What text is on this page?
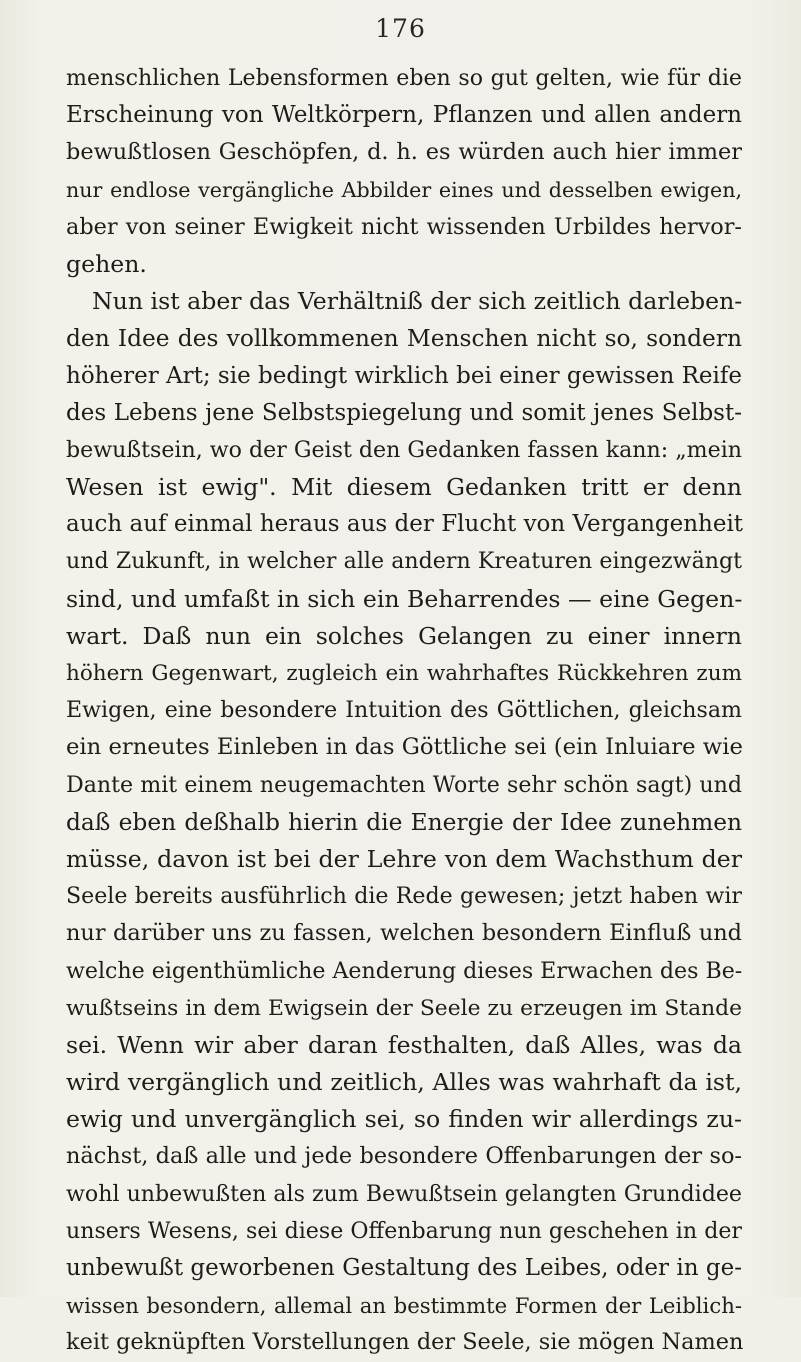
176
menschlichen Lebensformen eben so gut gelten, wie für die
Erscheinung von Weltkörpern, Pflanzen und allen andern
bewußtlosen Geschöpfen, d. h. es würden auch hier immer
nur endlose vergängliche Abbilder eines und desselben ewigen,
aber von seiner Ewigkeit nicht wissenden Urbildes hervor-
gehen.
Nun ist aber das Verhältniß der sich zeitlich darleben-
den Idee des vollkommenen Menschen nicht so, sondern
höherer Art; sie bedingt wirklich bei einer gewissen Reife
des Lebens jene Selbstspiegelung und somit jenes Selbst-
bewußtsein, wo der Geist den Gedanken fassen kann: „mein
Wesen ist ewig". Mit diesem Gedanken tritt er denn
auch auf einmal heraus aus der Flucht von Vergangenheit
und Zukunft, in welcher alle andern Kreaturen eingezwängt
sind, und umfaßt in sich ein Beharrendes — eine Gegen-
wart. Daß nun ein solches Gelangen zu einer innern
höhern Gegenwart, zugleich ein wahrhaftes Rückkehren zum
Ewigen, eine besondere Intuition des Göttlichen, gleichsam
ein erneutes Einleben in das Göttliche sei (ein Inluiare wie
Dante mit einem neugemachten Worte sehr schön sagt) und
daß eben deßhalb hierin die Energie der Idee zunehmen
müsse, davon ist bei der Lehre von dem Wachsthum der
Seele bereits ausführlich die Rede gewesen; jetzt haben wir
nur darüber uns zu fassen, welchen besondern Einfluß und
welche eigenthümliche Aenderung dieses Erwachen des Be-
wußtseins in dem Ewigsein der Seele zu erzeugen im Stande
sei. Wenn wir aber daran festhalten, daß Alles, was da
wird vergänglich und zeitlich, Alles was wahrhaft da ist,
ewig und unvergänglich sei, so finden wir allerdings zu-
nächst, daß alle und jede besondere Offenbarungen der so-
wohl unbewußten als zum Bewußtsein gelangten Grundidee
unsers Wesens, sei diese Offenbarung nun geschehen in der
unbewußt geworbenen Gestaltung des Leibes, oder in ge-
wissen besondern, allemal an bestimmte Formen der Leiblich-
keit geknüpften Vorstellungen der Seele, sie mögen Namen
